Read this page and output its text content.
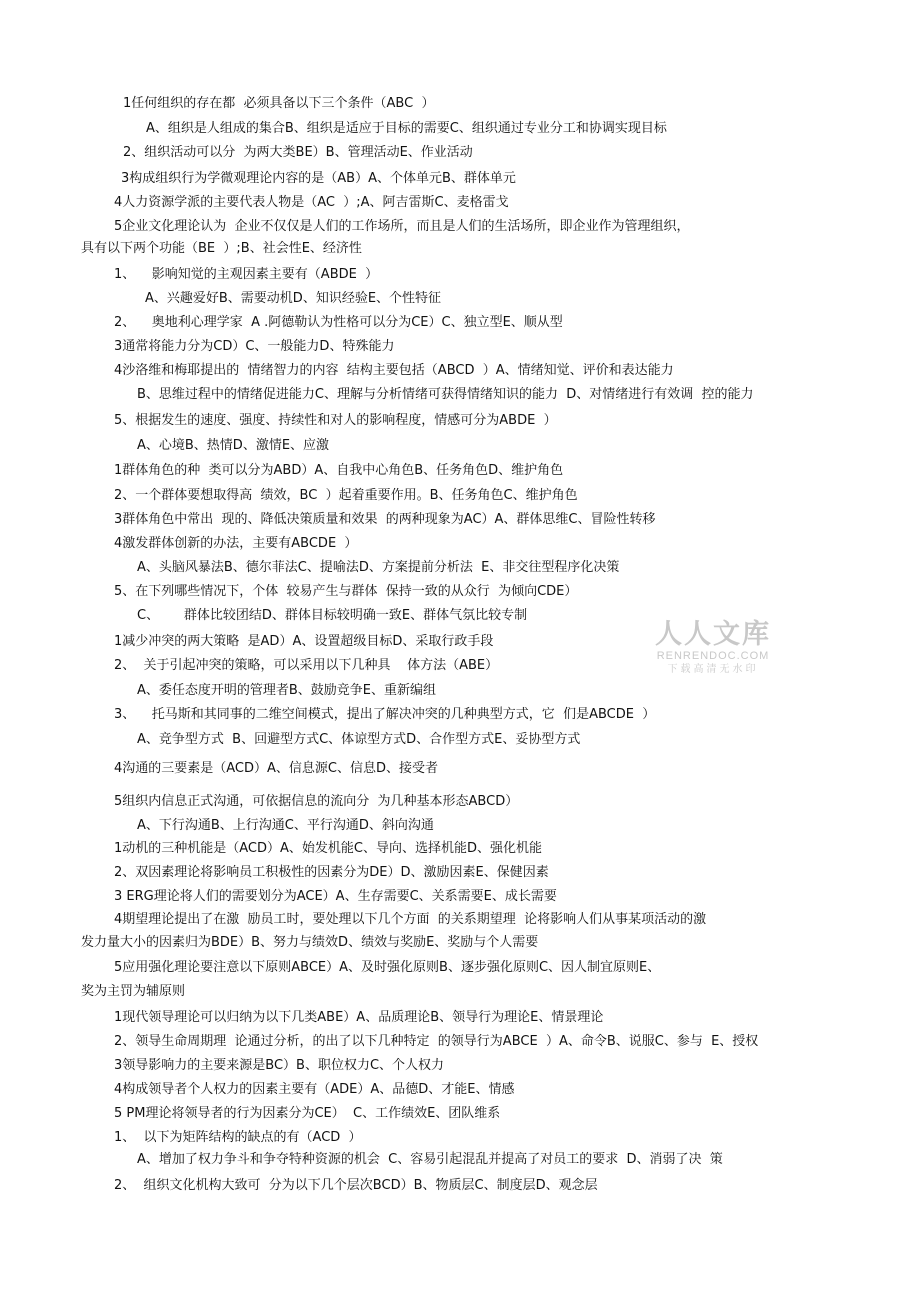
1任何组织的存在都  必须具备以下三个条件（ABC  ）
A、组织是人组成的集合B、组织是适应于目标的需要C、组织通过专业分工和协调实现目标
2、组织活动可以分  为两大类BE）B、管理活动E、作业活动
3构成组织行为学微观理论内容的是（AB）A、个体单元B、群体单元
4人力资源学派的主要代表人物是（AC  ）;A、阿吉雷斯C、麦格雷戈
5企业文化理论认为  企业不仅仅是人们的工作场所，而且是人们的生活场所，即企业作为管理组织，
具有以下两个功能（BE  ）;B、社会性E、经济性
1、    影响知觉的主观因素主要有（ABDE  ）
A、兴趣爱好B、需要动机D、知识经验E、个性特征
2、    奥地利心理学家  A .阿德勒认为性格可以分为CE）C、独立型E、顺从型
3通常将能力分为CD）C、一般能力D、特殊能力
4沙洛维和梅耶提出的  情绪智力的内容  结构主要包括（ABCD  ）A、情绪知觉、评价和表达能力
B、思维过程中的情绪促进能力C、理解与分析情绪可获得情绪知识的能力  D、对情绪进行有效调  控的能力
5、根据发生的速度、强度、持续性和对人的影响程度，情感可分为ABDE  ）
A、心境B、热情D、激情E、应激
1群体角色的种  类可以分为ABD）A、自我中心角色B、任务角色D、维护角色
2、一个群体要想取得高  绩效，BC  ）起着重要作用。B、任务角色C、维护角色
3群体角色中常出  现的、降低决策质量和效果  的两种现象为AC）A、群体思维C、冒险性转移
4激发群体创新的办法，主要有ABCDE  ）
A、头脑风暴法B、德尔菲法C、提喻法D、方案提前分析法  E、非交往型程序化决策
5、在下列哪些情况下，个体  较易产生与群体  保持一致的从众行  为倾向CDE）
C、      群体比较团结D、群体目标较明确一致E、群体气氛比较专制
1减少冲突的两大策略  是AD）A、设置超级目标D、采取行政手段
2、  关于引起冲突的策略，可以采用以下几种具    体方法（ABE）
A、委任态度开明的管理者B、鼓励竞争E、重新编组
3、    托马斯和其同事的二维空间模式，提出了解决冲突的几种典型方式，它  们是ABCDE  ）
A、竞争型方式  B、回避型方式C、体谅型方式D、合作型方式E、妥协型方式
4沟通的三要素是（ACD）A、信息源C、信息D、接受者
5组织内信息正式沟通，可依据信息的流向分  为几种基本形态ABCD）
A、下行沟通B、上行沟通C、平行沟通D、斜向沟通
1动机的三种机能是（ACD）A、始发机能C、导向、选择机能D、强化机能
2、双因素理论将影响员工积极性的因素分为DE）D、激励因素E、保健因素
3 ERG理论将人们的需要划分为ACE）A、生存需要C、关系需要E、成长需要
4期望理论提出了在激  励员工时，要处理以下几个方面  的关系期望理  论将影响人们从事某项活动的激
发力量大小的因素归为BDE）B、努力与绩效D、绩效与奖励E、奖励与个人需要
5应用强化理论要注意以下原则ABCE）A、及时强化原则B、逐步强化原则C、因人制宜原则E、
奖为主罚为辅原则
1现代领导理论可以归纳为以下几类ABE）A、品质理论B、领导行为理论E、情景理论
2、领导生命周期理  论通过分析，的出了以下几种特定  的领导行为ABCE  ）A、命令B、说服C、参与  E、授权
3领导影响力的主要来源是BC）B、职位权力C、个人权力
4构成领导者个人权力的因素主要有（ADE）A、品德D、才能E、情感
5 PM理论将领导者的行为因素分为CE）  C、工作绩效E、团队维系
1、  以下为矩阵结构的缺点的有（ACD  ）
A、增加了权力争斗和争夺特种资源的机会  C、容易引起混乱并提高了对员工的要求  D、消弱了决  策
2、  组织文化机构大致可  分为以下几个层次BCD）B、物质层C、制度层D、观念层
人人文库
RENRENDOC.COM
下载高清无水印
